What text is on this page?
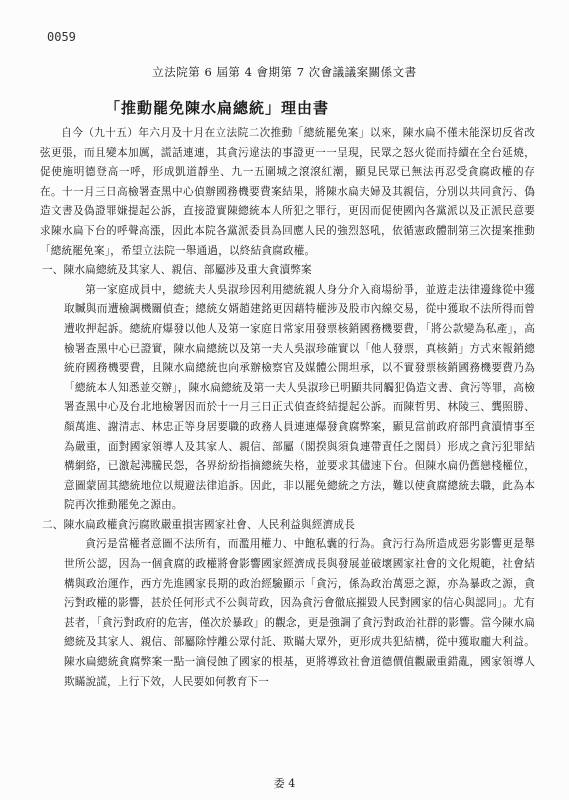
0059
立法院第 6 屆第 4 會期第 7 次會議議案關係文書
「推動罷免陳水扁總統」理由書

自今（九十五）年六月及十月在立法院二次推動「總統罷免案」以來，陳水扁不僅未能深切反省改弦更張，而且變本加厲，謊話連連，其貪污違法的事證更一一呈現，民眾之怒火從而持續在全台延燒，促使施明德登高一呼，形成凱道靜坐、九一五圍城之滾滾紅潮，顯見民眾已無法再忍受貪腐政權的存在。十一月三日高檢署查黑中心偵辦國務機要費案結果，將陳水扁夫婦及其親信，分別以共同貪污、偽造文書及偽證罪嫌提起公訴，直接證實陳總統本人所犯之罪行，更因而促使國內各黨派以及正派民意要求陳水扁下台的呼聲高漲，因此本院各黨派委員為回應人民的強烈怒吼，依循憲政體制第三次提案推動「總統罷免案」，希望立法院一舉通過，以終結貪腐政權。

一、陳水扁總統及其家人、親信、部屬涉及重大貪瀆弊案

第一家庭成員中，總統夫人吳淑珍因利用總統親人身分介入商場紛爭，並遊走法律邊緣從中獲取贓與而遭檢調機關偵查；總統女婿趙建銘更因藉特權涉及股市內線交易，從中獲取不法所得而曾遭收押起訴。總統府爆發以他人及第一家庭日常家用發票核銷國務機要費，「將公款變為私產」，高檢署查黑中心已證實，陳水扁總統以及第一夫人吳淑珍確實以「他人發票，真核銷」方式來報銷總統府國務機要費，且陳水扁總統也向承辦檢察官及媒體公開坦承，以不實發票核銷國務機要費乃為「總統本人知悉並交辦」，陳水扁總統及第一夫人吳淑珍已明顯共同觸犯偽造文書、貪污等罪，高檢署查黑中心及台北地檢署因而於十一月三日正式偵查終結提起公訴。而陳哲男、林陵三、龔照勝、顏萬進、謝清志、林忠正等身居要職的政務人員連連爆發貪腐弊案，顯見當前政府部門貪瀆情事至為嚴重，面對國家領導人及其家人、親信、部屬（閣揆與須負連帶責任之閣員）形成之貪污犯罪結構網絡，已激起沸騰民怨，各界紛紛指摘總統失格，並要求其儘速下台。但陳水扁仍舊戀棧權位，意圖蒙固其總統地位以規避法律追訴。因此，非以罷免總統之方法，難以使貪腐總統去職，此為本院再次推動罷免之源由。

二、陳水扁政權貪污腐敗嚴重損害國家社會、人民利益與經濟成長

貪污是當權者意圖不法所有，而濫用權力、中飽私囊的行為。貪污行為所造成惡劣影響更是舉世所公認，因為一個貪腐的政權將會影響國家經濟成長與發展並破壞國家社會的文化規範，社會結構與政治運作，西方先進國家長期的政治經驗顯示「貪污，係為政治萬惡之源，亦為暴政之源，貪污對政權的影響，甚於任何形式不公與苛政，因為貪污會徹底摧毀人民對國家的信心與認同」。尤有甚者，「貪污對政府的危害，僅次於暴政」的觀念，更是強調了貪污對政治社群的影響。當今陳水扁總統及其家人、親信、部屬除悖離公眾付託、欺瞞大眾外，更形成共犯結構，從中獲取龐大利益。陳水扁總統貪腐弊案一點一滴侵蝕了國家的根基，更將導致社會道德價值觀嚴重錯亂，國家領導人欺瞞說謊，上行下效，人民要如何教育下一

委 4
